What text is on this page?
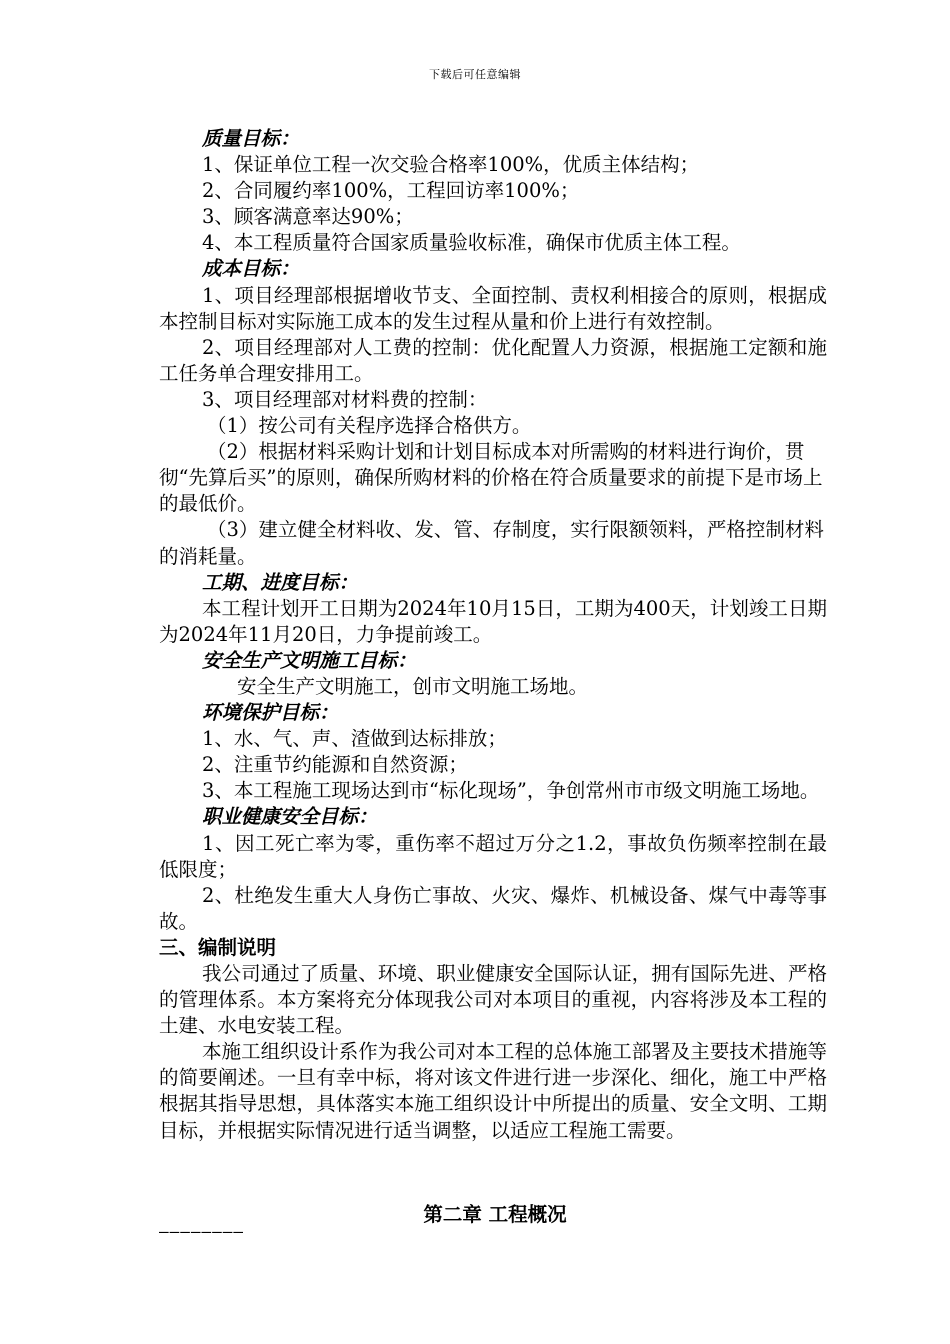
下载后可任意编辑

质量目标：

1、保证单位工程一次交验合格率100%，优质主体结构；

2、合同履约率100%，工程回访率100%；

3、顾客满意率达90%；

4、本工程质量符合国家质量验收标准，确保市优质主体工程。

成本目标：

1、项目经理部根据增收节支、全面控制、责权利相接合的原则，根据成本控制目标对实际施工成本的发生过程从量和价上进行有效控制。

2、项目经理部对人工费的控制：优化配置人力资源，根据施工定额和施工任务单合理安排用工。

3、项目经理部对材料费的控制：

（1）按公司有关程序选择合格供方。

（2）根据材料采购计划和计划目标成本对所需购的材料进行询价，贯彻“先算后买”的原则，确保所购材料的价格在符合质量要求的前提下是市场上的最低价。

（3）建立健全材料收、发、管、存制度，实行限额领料，严格控制材料的消耗量。

工期、进度目标：

本工程计划开工日期为2024年10月15日，工期为400天，计划竣工日期为2024年11月20日，力争提前竣工。

安全生产文明施工目标：

安全生产文明施工，创市文明施工场地。

环境保护目标：

1、水、气、声、渣做到达标排放；

2、注重节约能源和自然资源；

3、本工程施工现场达到市“标化现场”，争创常州市市级文明施工场地。

职业健康安全目标：

1、因工死亡率为零，重伤率不超过万分之1.2，事故负伤频率控制在最低限度；

2、杜绝发生重大人身伤亡事故、火灾、爆炸、机械设备、煤气中毒等事故。

三、编制说明

我公司通过了质量、环境、职业健康安全国际认证，拥有国际先进、严格的管理体系。本方案将充分体现我公司对本项目的重视，内容将涉及本工程的土建、水电安装工程。

本施工组织设计系作为我公司对本工程的总体施工部署及主要技术措施等的简要阐述。一旦有幸中标，将对该文件进行进一步深化、细化，施工中严格根据其指导思想，具体落实本施工组织设计中所提出的质量、安全文明、工期目标，并根据实际情况进行适当调整，以适应工程施工需要。

第二章 工程概况
————————
